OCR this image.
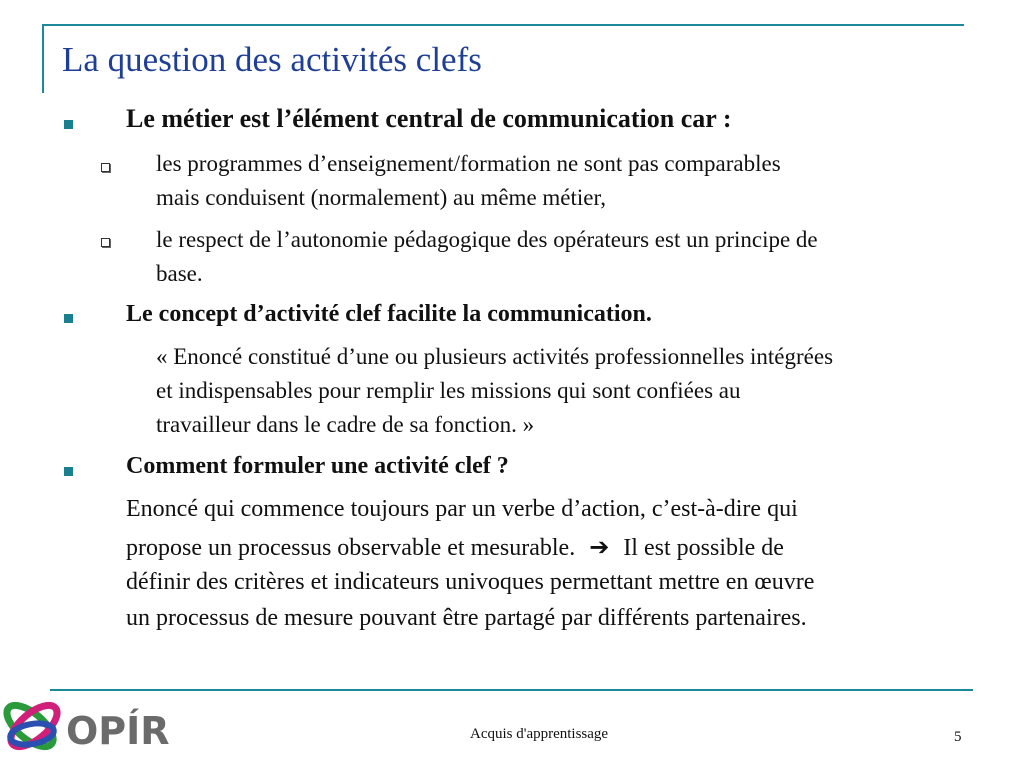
La question des activités clefs
Le métier est l’élément central de communication car :
les programmes d’enseignement/formation ne sont pas comparables
mais conduisent (normalement) au même métier,
le respect de l’autonomie pédagogique des opérateurs est un principe de
base.
Le concept d’activité clef facilite la communication.
« Enoncé constitué d’une ou plusieurs activités professionnelles intégrées
et indispensables pour remplir les missions qui sont confiées au
travailleur dans le cadre de sa fonction. »
Comment formuler une activité clef ?
Enoncé qui commence toujours par un verbe d’action, c’est-à-dire qui
propose un processus observable et mesurable. ➔ Il est possible de
définir des critères et indicateurs univoques permettant mettre en œuvre
un processus de mesure pouvant être partagé par différents partenaires.
OPÍR	Acquis d'apprentissage	5
